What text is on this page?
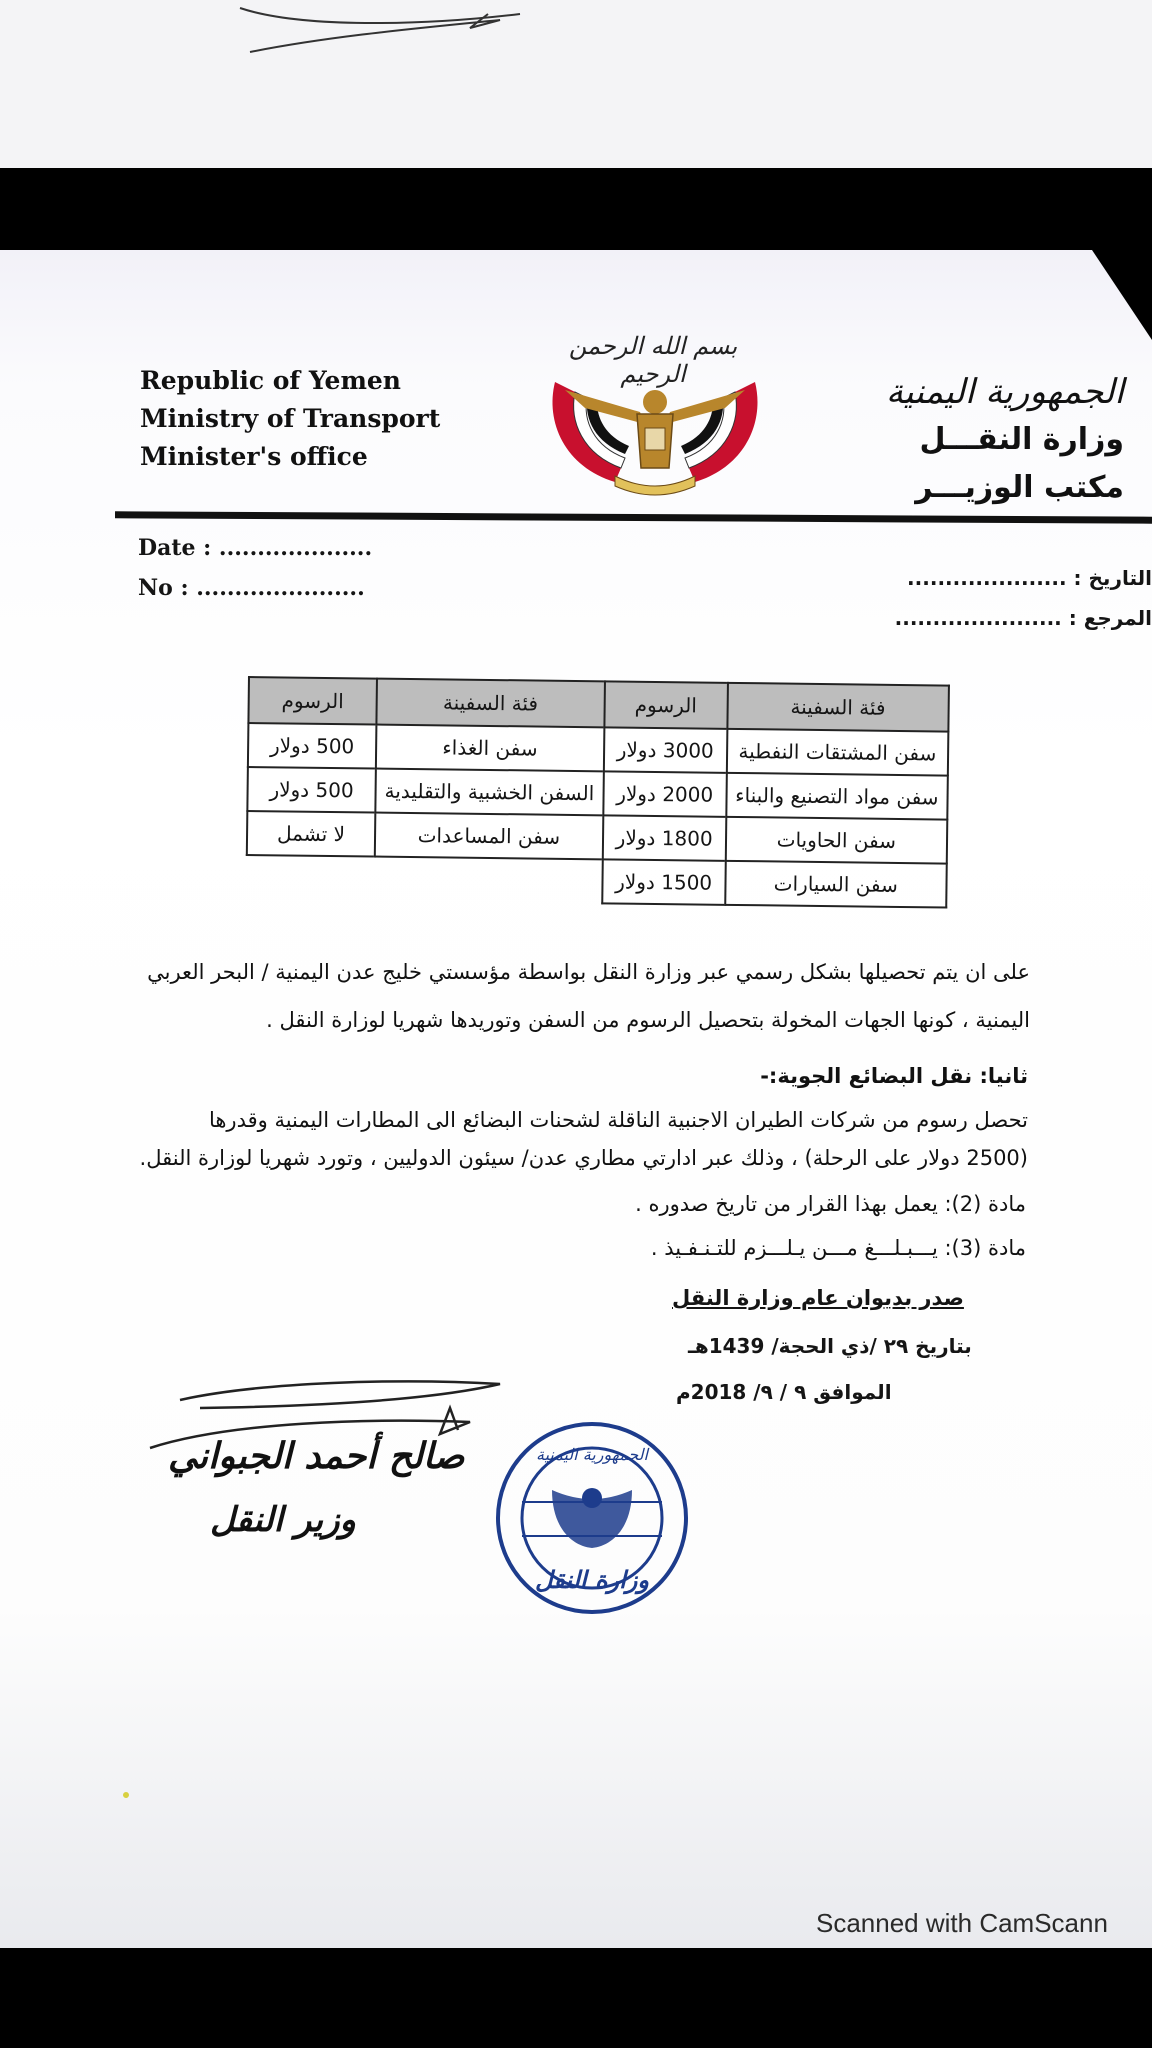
Republic of Yemen
Ministry of Transport
Minister's office
بسم الله الرحمن الرحيم	الجمهورية اليمنية
وزارة النقـــل
مكتب الوزيـــر
Date : ....................
No : ......................	التاريخ : .....................
المرجع : ......................
فئة السفينة	الرسوم	فئة السفينة	الرسوم
سفن المشتقات النفطية	3000 دولار	سفن الغذاء	500 دولار
سفن مواد التصنيع والبناء	2000 دولار	السفن الخشبية والتقليدية	500 دولار
سفن الحاويات	1800 دولار	سفن المساعدات	لا تشمل
سفن السيارات	1500 دولار		
على ان يتم تحصيلها بشكل رسمي عبر وزارة النقل بواسطة مؤسستي خليج عدن اليمنية / البحر العربي
اليمنية ، كونها الجهات المخولة بتحصيل الرسوم من السفن وتوريدها شهريا لوزارة النقل .
ثانيا: نقل البضائع الجوية:-
تحصل رسوم من شركات الطيران الاجنبية الناقلة لشحنات البضائع الى المطارات اليمنية وقدرها
(2500 دولار على الرحلة) ، وذلك عبر ادارتي مطاري عدن/ سيئون الدوليين ، وتورد شهريا لوزارة النقل.
مادة (2): يعمل بهذا القرار من تاريخ صدوره .
مادة (3): يـــبـلـــغ مـــن يـلـــزم للتـنـفـيذ .
صدر بديوان عام وزارة النقل
بتاريخ ٢٩ /ذي الحجة/ 1439هـ
الموافق ٩ / ٩/ 2018م
صالح أحمد الجبواني
وزير النقل
الجمهورية اليمنية
وزارة النقل
Scanned with CamScann
